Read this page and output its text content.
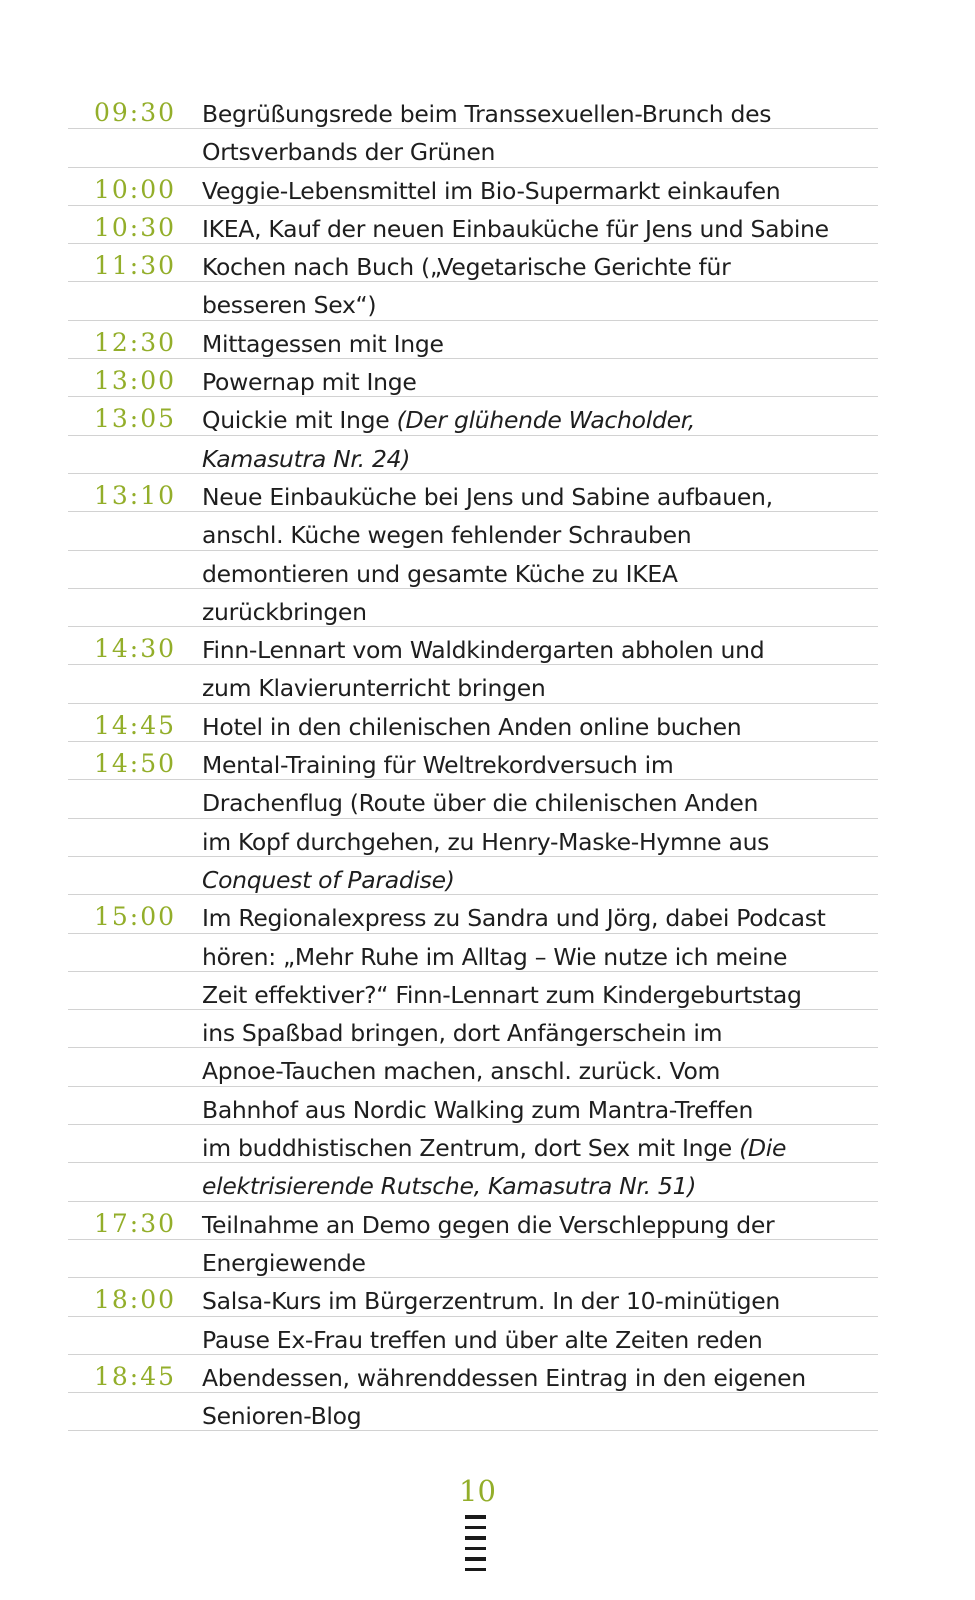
09:30 Begrüßungsrede beim Transsexuellen-Brunch des
Ortsverbands der Grünen
10:00 Veggie-Lebensmittel im Bio-Supermarkt einkaufen
10:30 IKEA, Kauf der neuen Einbauküche für Jens und Sabine
11:30 Kochen nach Buch („Vegetarische Gerichte für
besseren Sex“)
12:30 Mittagessen mit Inge
13:00 Powernap mit Inge
13:05 Quickie mit Inge (Der glühende Wacholder,
Kamasutra Nr. 24)
13:10 Neue Einbauküche bei Jens und Sabine aufbauen,
anschl. Küche wegen fehlender Schrauben
demontieren und gesamte Küche zu IKEA
zurückbringen
14:30 Finn-Lennart vom Waldkindergarten abholen und
zum Klavierunterricht bringen
14:45 Hotel in den chilenischen Anden online buchen
14:50 Mental-Training für Weltrekordversuch im
Drachenflug (Route über die chilenischen Anden
im Kopf durchgehen, zu Henry-Maske-Hymne aus
Conquest of Paradise)
15:00 Im Regionalexpress zu Sandra und Jörg, dabei Podcast
hören: „Mehr Ruhe im Alltag – Wie nutze ich meine
Zeit effektiver?“ Finn-Lennart zum Kindergeburtstag
ins Spaßbad bringen, dort Anfängerschein im
Apnoe-Tauchen machen, anschl. zurück. Vom
Bahnhof aus Nordic Walking zum Mantra-Treffen
im buddhistischen Zentrum, dort Sex mit Inge (Die
elektrisierende Rutsche, Kamasutra Nr. 51)
17:30 Teilnahme an Demo gegen die Verschleppung der
Energiewende
18:00 Salsa-Kurs im Bürgerzentrum. In der 10-minütigen
Pause Ex-Frau treffen und über alte Zeiten reden
18:45 Abendessen, währenddessen Eintrag in den eigenen
Senioren-Blog
10
